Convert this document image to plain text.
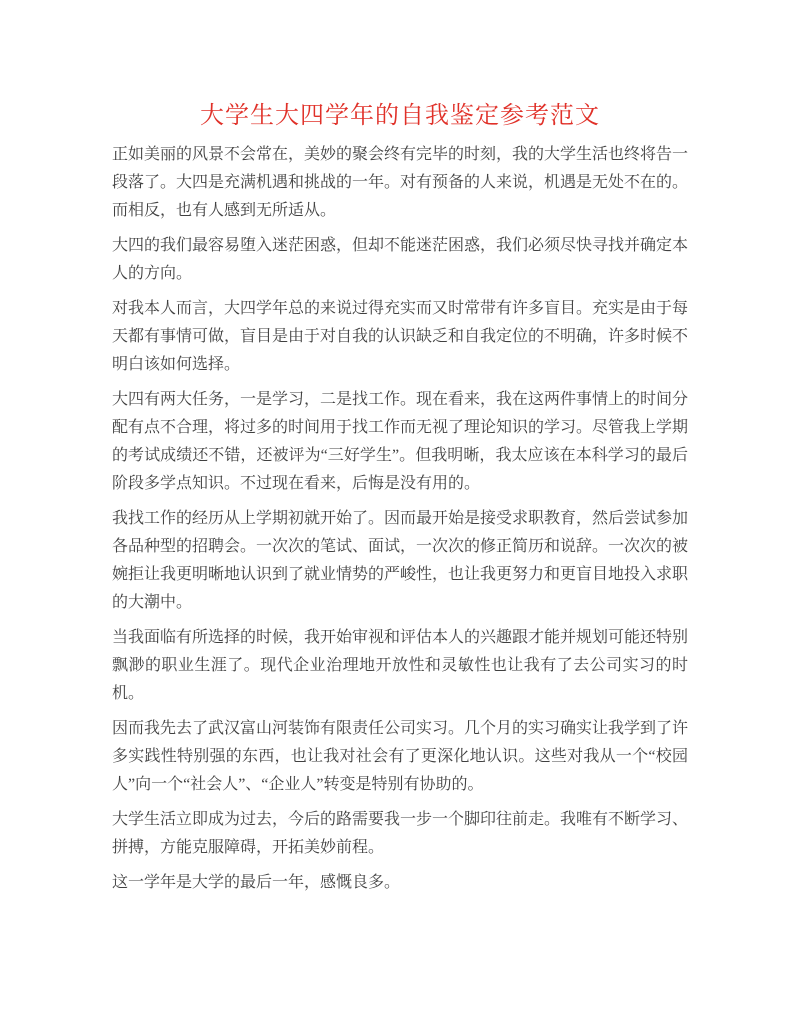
大学生大四学年的自我鉴定参考范文

正如美丽的风景不会常在，美妙的聚会终有完毕的时刻，我的大学生活也终将告一段落了。大四是充满机遇和挑战的一年。对有预备的人来说，机遇是无处不在的。而相反，也有人感到无所适从。

大四的我们最容易堕入迷茫困惑，但却不能迷茫困惑，我们必须尽快寻找并确定本人的方向。

对我本人而言，大四学年总的来说过得充实而又时常带有许多盲目。充实是由于每天都有事情可做，盲目是由于对自我的认识缺乏和自我定位的不明确，许多时候不明白该如何选择。

大四有两大任务，一是学习，二是找工作。现在看来，我在这两件事情上的时间分配有点不合理，将过多的时间用于找工作而无视了理论知识的学习。尽管我上学期的考试成绩还不错，还被评为“三好学生”。但我明晰，我太应该在本科学习的最后阶段多学点知识。不过现在看来，后悔是没有用的。

我找工作的经历从上学期初就开始了。因而最开始是接受求职教育，然后尝试参加各品种型的招聘会。一次次的笔试、面试，一次次的修正简历和说辞。一次次的被婉拒让我更明晰地认识到了就业情势的严峻性，也让我更努力和更盲目地投入求职的大潮中。

当我面临有所选择的时候，我开始审视和评估本人的兴趣跟才能并规划可能还特别飘渺的职业生涯了。现代企业治理地开放性和灵敏性也让我有了去公司实习的时机。

因而我先去了武汉富山河装饰有限责任公司实习。几个月的实习确实让我学到了许多实践性特别强的东西，也让我对社会有了更深化地认识。这些对我从一个“校园人”向一个“社会人”、“企业人”转变是特别有协助的。

大学生活立即成为过去，今后的路需要我一步一个脚印往前走。我唯有不断学习、拼搏，方能克服障碍，开拓美妙前程。

这一学年是大学的最后一年，感慨良多。
